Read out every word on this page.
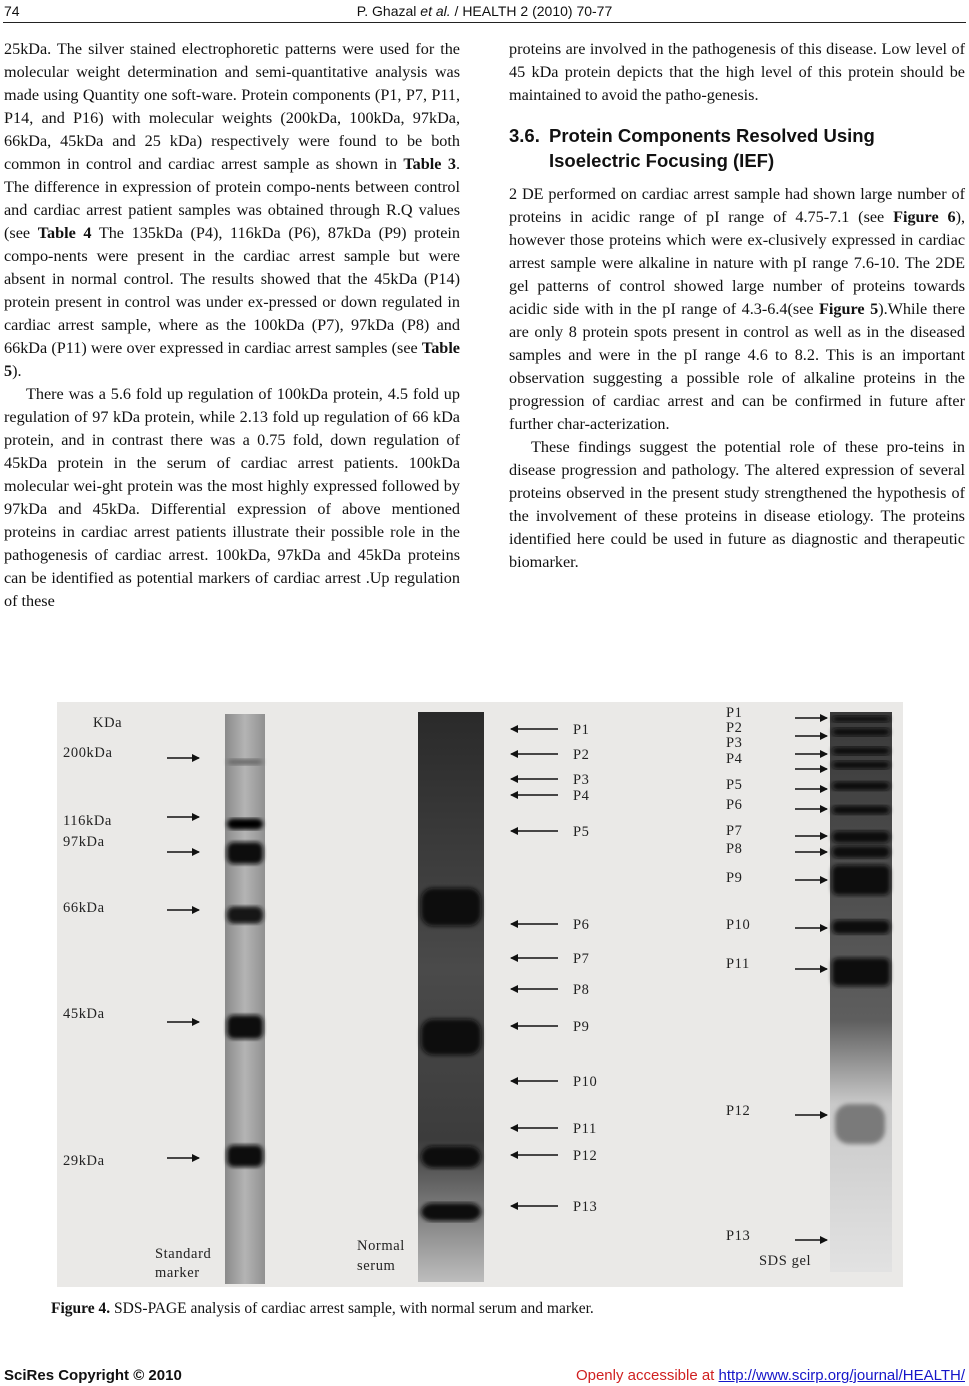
74	P. Ghazal et al. / HEALTH 2 (2010) 70-77

25kDa. The silver stained electrophoretic patterns were used for the molecular weight determination and semi-quantitative analysis was made using Quantity one soft-ware. Protein components (P1, P7, P11, P14, and P16) with molecular weights (200kDa, 100kDa, 97kDa, 66kDa, 45kDa and 25 kDa) respectively were found to be both common in control and cardiac arrest sample as shown in Table 3. The difference in expression of protein compo-nents between control and cardiac arrest patient samples was obtained through R.Q values (see Table 4 The 135kDa (P4), 116kDa (P6), 87kDa (P9) protein compo-nents were present in the cardiac arrest sample but were absent in normal control. The results showed that the 45kDa (P14) protein present in control was under ex-pressed or down regulated in cardiac arrest sample, where as the 100kDa (P7), 97kDa (P8) and 66kDa (P11) were over expressed in cardiac arrest samples (see Table 5).

There was a 5.6 fold up regulation of 100kDa protein, 4.5 fold up regulation of 97 kDa protein, while 2.13 fold up regulation of 66 kDa protein, and in contrast there was a 0.75 fold, down regulation of 45kDa protein in the serum of cardiac arrest patients. 100kDa molecular wei-ght protein was the most highly expressed followed by 97kDa and 45kDa. Differential expression of above mentioned proteins in cardiac arrest patients illustrate their possible role in the pathogenesis of cardiac arrest. 100kDa, 97kDa and 45kDa proteins can be identified as potential markers of cardiac arrest .Up regulation of these

proteins are involved in the pathogenesis of this disease. Low level of 45 kDa protein depicts that the high level of this protein should be maintained to avoid the patho-genesis.

3.6. Protein Components Resolved Using Isoelectric Focusing (IEF)

2 DE performed on cardiac arrest sample had shown large number of proteins in acidic range of pI range of 4.75-7.1 (see Figure 6), however those proteins which were ex-clusively expressed in cardiac arrest sample were alkaline in nature with pI range 7.6-10. The 2DE gel patterns of control showed large number of proteins towards acidic side with in the pI range of 4.3-6.4(see Figure 5).While there are only 8 protein spots present in control as well as in the diseased samples and were in the pI range 4.6 to 8.2. This is an important observation suggesting a possible role of alkaline proteins in the progression of cardiac arrest and can be confirmed in future after further char-acterization.

These findings suggest the potential role of these pro-teins in disease progression and pathology. The altered expression of several proteins observed in the present study strengthened the hypothesis of the involvement of these proteins in disease etiology. The proteins identified here could be used in future as diagnostic and therapeutic biomarker.

KDa
200kDa
116kDa
97kDa
66kDa
45kDa
29kDa
Standard
marker
P1
P2
P3
P4
P5
P6
P7
P8
P9
P10
P11
P12
P13
Normal
serum
P1
P2
P3
P4
P5
P6
P7
P8
P9
P10
P11
P12
P13
SDS gel
Figure 4. SDS-PAGE analysis of cardiac arrest sample, with normal serum and marker.
SciRes Copyright © 2010	Openly accessible at http://www.scirp.org/journal/HEALTH/
